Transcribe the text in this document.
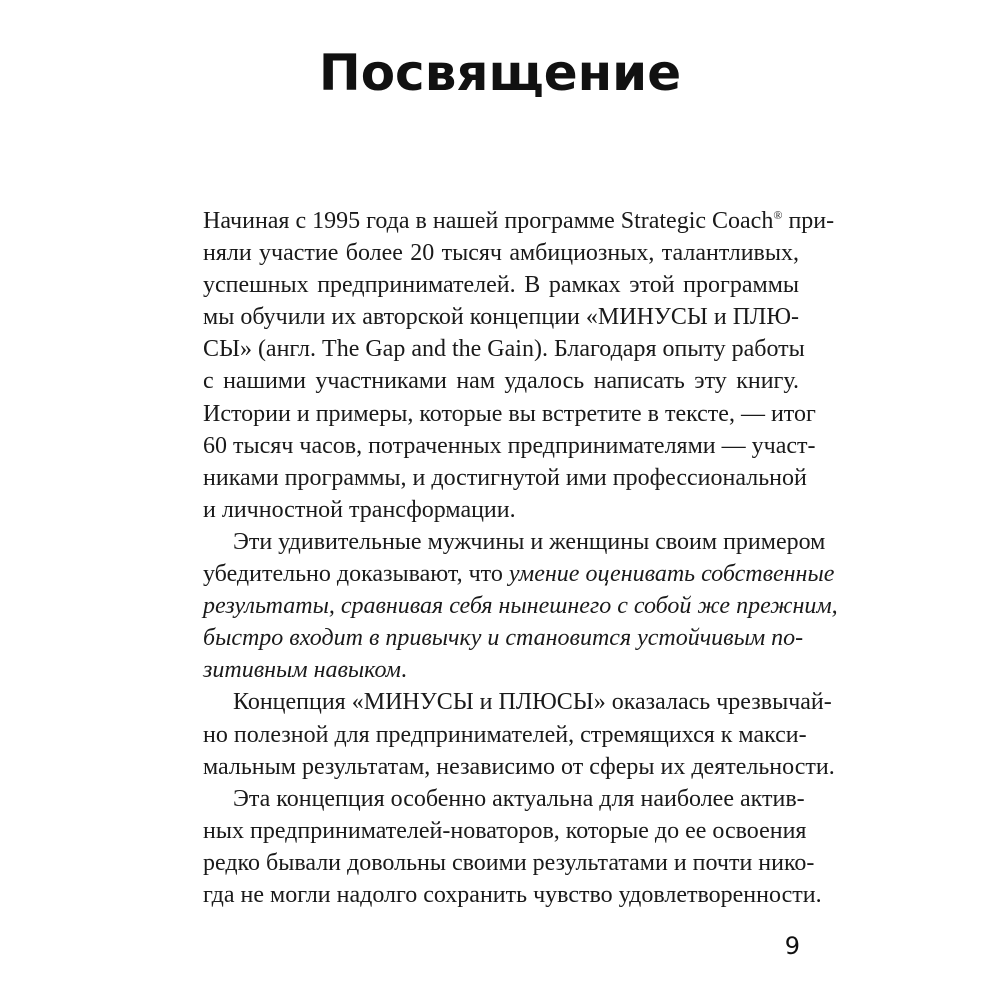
Посвящение
Начиная с 1995 года в нашей программе Strategic Coach® при-
няли участие более 20 тысяч амбициозных, талантливых,
успешных предпринимателей. В рамках этой программы
мы обучили их авторской концепции «МИНУСЫ и ПЛЮ-
СЫ» (англ. The Gap and the Gain). Благодаря опыту работы
с нашими участниками нам удалось написать эту книгу.
Истории и примеры, которые вы встретите в тексте, — итог
60 тысяч часов, потраченных предпринимателями — участ-
никами программы, и достигнутой ими профессиональной
и личностной трансформации.
Эти удивительные мужчины и женщины своим примером
убедительно доказывают, что умение оценивать собственные
результаты, сравнивая себя нынешнего с собой же прежним,
быстро входит в привычку и становится устойчивым по-
зитивным навыком.
Концепция «МИНУСЫ и ПЛЮСЫ» оказалась чрезвычай-
но полезной для предпринимателей, стремящихся к макси-
мальным результатам, независимо от сферы их деятельности.
Эта концепция особенно актуальна для наиболее актив-
ных предпринимателей-новаторов, которые до ее освоения
редко бывали довольны своими результатами и почти нико-
гда не могли надолго сохранить чувство удовлетворенности.
9
